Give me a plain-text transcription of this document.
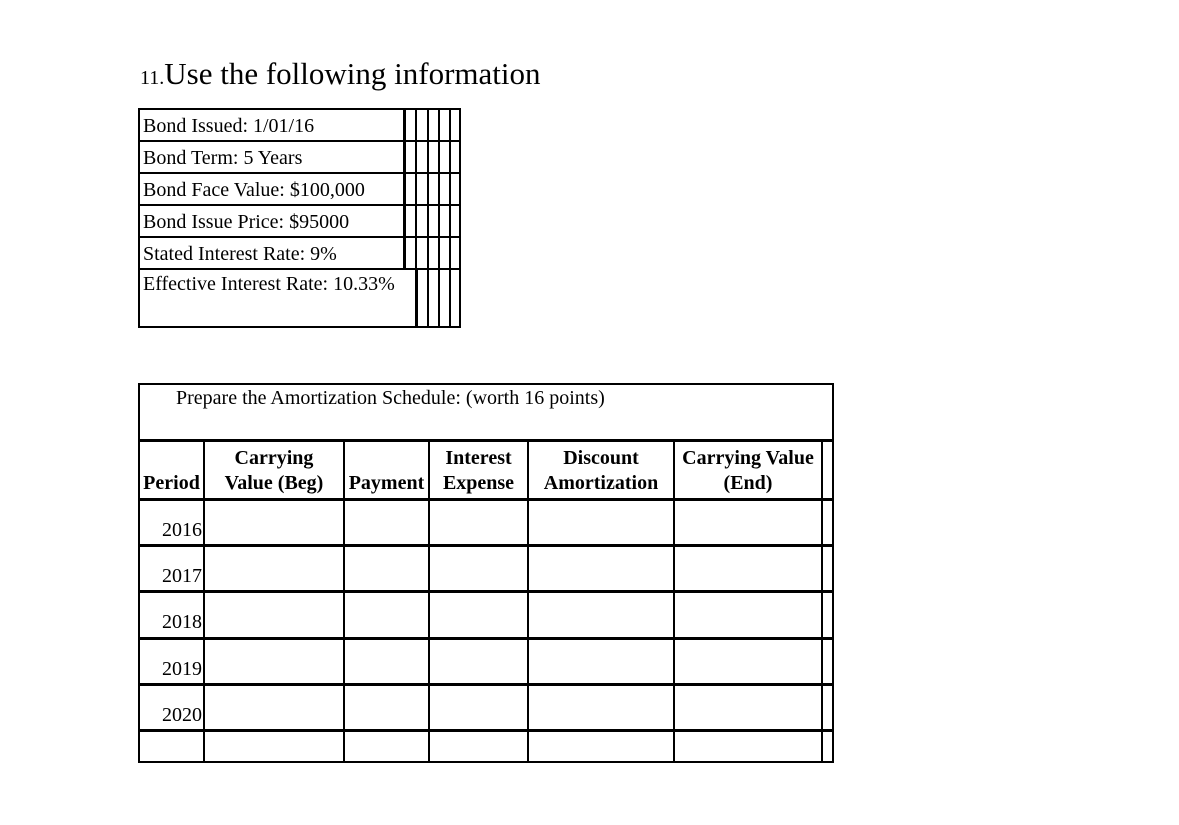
11.Use the following information
Bond Issued: 1/01/16
Bond Term: 5 Years
Bond Face Value: $100,000
Bond Issue Price: $95000
Stated Interest Rate: 9%
Effective Interest Rate: 10.33%
Prepare the Amortization Schedule: (worth 16 points)
Period
Carrying
Value (Beg)	Payment
Interest
Expense
Discount
Amortization
Carrying Value
(End)
2016
2017
2018
2019
2020
